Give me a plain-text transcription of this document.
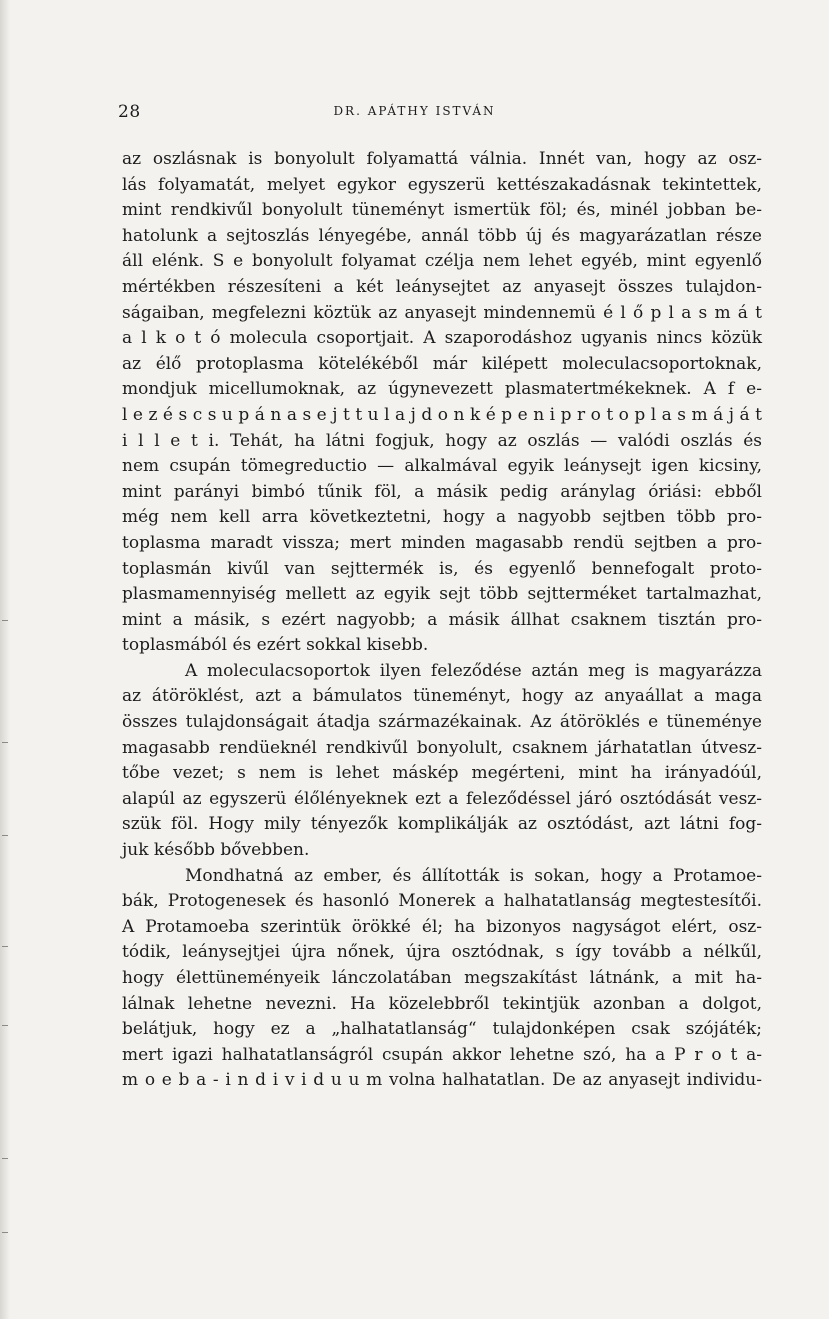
28	DR. APÁTHY ISTVÁN
az oszlásnak is bonyolult folyamattá válnia. Innét van, hogy az osz-
lás folyamatát, melyet egykor egyszerü kettészakadásnak tekintettek,
mint rendkivűl bonyolult tüneményt ismertük föl; és, minél jobban be-
hatolunk a sejtoszlás lényegébe, annál több új és magyarázatlan része
áll elénk. S e bonyolult folyamat czélja nem lehet egyéb, mint egyenlő
mértékben részesíteni a két leánysejtet az anyasejt összes tulajdon-
ságaiban, megfelezni köztük az anyasejt mindennemü é l ő p l a s m á t
a l k o t ó molecula csoportjait. A szaporodáshoz ugyanis nincs közük
az élő protoplasma kötelékéből már kilépett moleculacsoportoknak,
mondjuk micellumoknak, az úgynevezett plasmatertmékeknek. A f e-
l e z é s c s u p á n a s e j t t u l a j d o n k é p e n i p r o t o p l a s m á j á t
i l l e t i. Tehát, ha látni fogjuk, hogy az oszlás — valódi oszlás és
nem csupán tömegreductio — alkalmával egyik leánysejt igen kicsiny,
mint parányi bimbó tűnik föl, a másik pedig aránylag óriási: ebből
még nem kell arra következtetni, hogy a nagyobb sejtben több pro-
toplasma maradt vissza; mert minden magasabb rendü sejtben a pro-
toplasmán kivűl van sejttermék is, és egyenlő bennefogalt proto-
plasmamennyiség mellett az egyik sejt több sejtterméket tartalmazhat,
mint a másik, s ezért nagyobb; a másik állhat csaknem tisztán pro-
toplasmából és ezért sokkal kisebb.
A moleculacsoportok ilyen feleződése aztán meg is magyarázza
az átöröklést, azt a bámulatos tüneményt, hogy az anyaállat a maga
összes tulajdonságait átadja származékainak. Az átöröklés e tüneménye
magasabb rendüeknél rendkivűl bonyolult, csaknem járhatatlan útvesz-
tőbe vezet; s nem is lehet máskép megérteni, mint ha irányadóúl,
alapúl az egyszerü élőlényeknek ezt a feleződéssel járó osztódását vesz-
szük föl. Hogy mily tényezők komplikálják az osztódást, azt látni fog-
juk később bővebben.
Mondhatná az ember, és állították is sokan, hogy a Protamoe-
bák, Protogenesek és hasonló Monerek a halhatatlanság megtestesítői.
A Protamoeba szerintük örökké él; ha bizonyos nagyságot elért, osz-
tódik, leánysejtjei újra nőnek, újra osztódnak, s így tovább a nélkűl,
hogy élettüneményeik lánczolatában megszakítást látnánk, a mit ha-
lálnak lehetne nevezni. Ha közelebbről tekintjük azonban a dolgot,
belátjuk, hogy ez a „halhatatlanság“ tulajdonképen csak szójáték;
mert igazi halhatatlanságról csupán akkor lehetne szó, ha a P r o t a-
m o e b a - i n d i v i d u u m volna halhatatlan. De az anyasejt individu-
